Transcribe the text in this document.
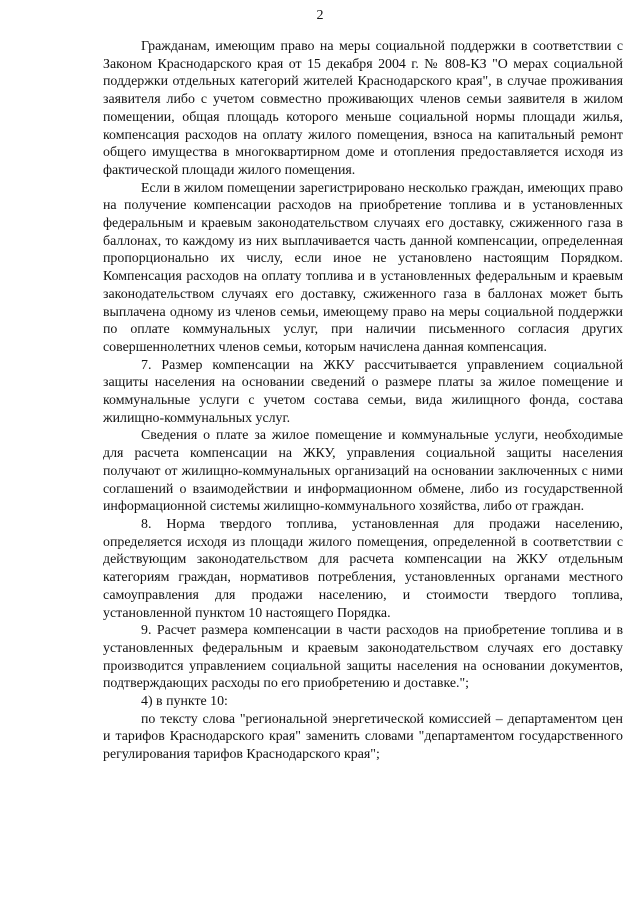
2

Гражданам, имеющим право на меры социальной поддержки в соответствии с Законом Краснодарского края от 15 декабря 2004 г. № 808-КЗ "О мерах социальной поддержки отдельных категорий жителей Краснодарского края", в случае проживания заявителя либо с учетом совместно проживающих членов семьи заявителя в жилом помещении, общая площадь которого меньше социальной нормы площади жилья, компенсация расходов на оплату жилого помещения, взноса на капитальный ремонт общего имущества в многоквартирном доме и отопления предоставляется исходя из фактической площади жилого помещения.

Если в жилом помещении зарегистрировано несколько граждан, имеющих право на получение компенсации расходов на приобретение топлива и в установленных федеральным и краевым законодательством случаях его доставку, сжиженного газа в баллонах, то каждому из них выплачивается часть данной компенсации, определенная пропорционально их числу, если иное не установлено настоящим Порядком. Компенсация расходов на оплату топлива и в установленных федеральным и краевым законодательством случаях его доставку, сжиженного газа в баллонах может быть выплачена одному из членов семьи, имеющему право на меры социальной поддержки по оплате коммунальных услуг, при наличии письменного согласия других совершеннолетних членов семьи, которым начислена данная компенсация.

7. Размер компенсации на ЖКУ рассчитывается управлением социальной защиты населения на основании сведений о размере платы за жилое помещение и коммунальные услуги с учетом состава семьи, вида жилищного фонда, состава жилищно-коммунальных услуг.

Сведения о плате за жилое помещение и коммунальные услуги, необходимые для расчета компенсации на ЖКУ, управления социальной защиты населения получают от жилищно-коммунальных организаций на основании заключенных с ними соглашений о взаимодействии и информационном обмене, либо из государственной информационной системы жилищно-коммунального хозяйства, либо от граждан.

8. Норма твердого топлива, установленная для продажи населению, определяется исходя из площади жилого помещения, определенной в соответствии с действующим законодательством для расчета компенсации на ЖКУ отдельным категориям граждан, нормативов потребления, установленных органами местного самоуправления для продажи населению, и стоимости твердого топлива, установленной пунктом 10 настоящего Порядка.

9. Расчет размера компенсации в части расходов на приобретение топлива и в установленных федеральным и краевым законодательством случаях его доставку производится управлением социальной защиты населения на основании документов, подтверждающих расходы по его приобретению и доставке.";

4) в пункте 10:

по тексту слова "региональной энергетической комиссией – департаментом цен и тарифов Краснодарского края" заменить словами "департаментом государственного регулирования тарифов Краснодарского края";
